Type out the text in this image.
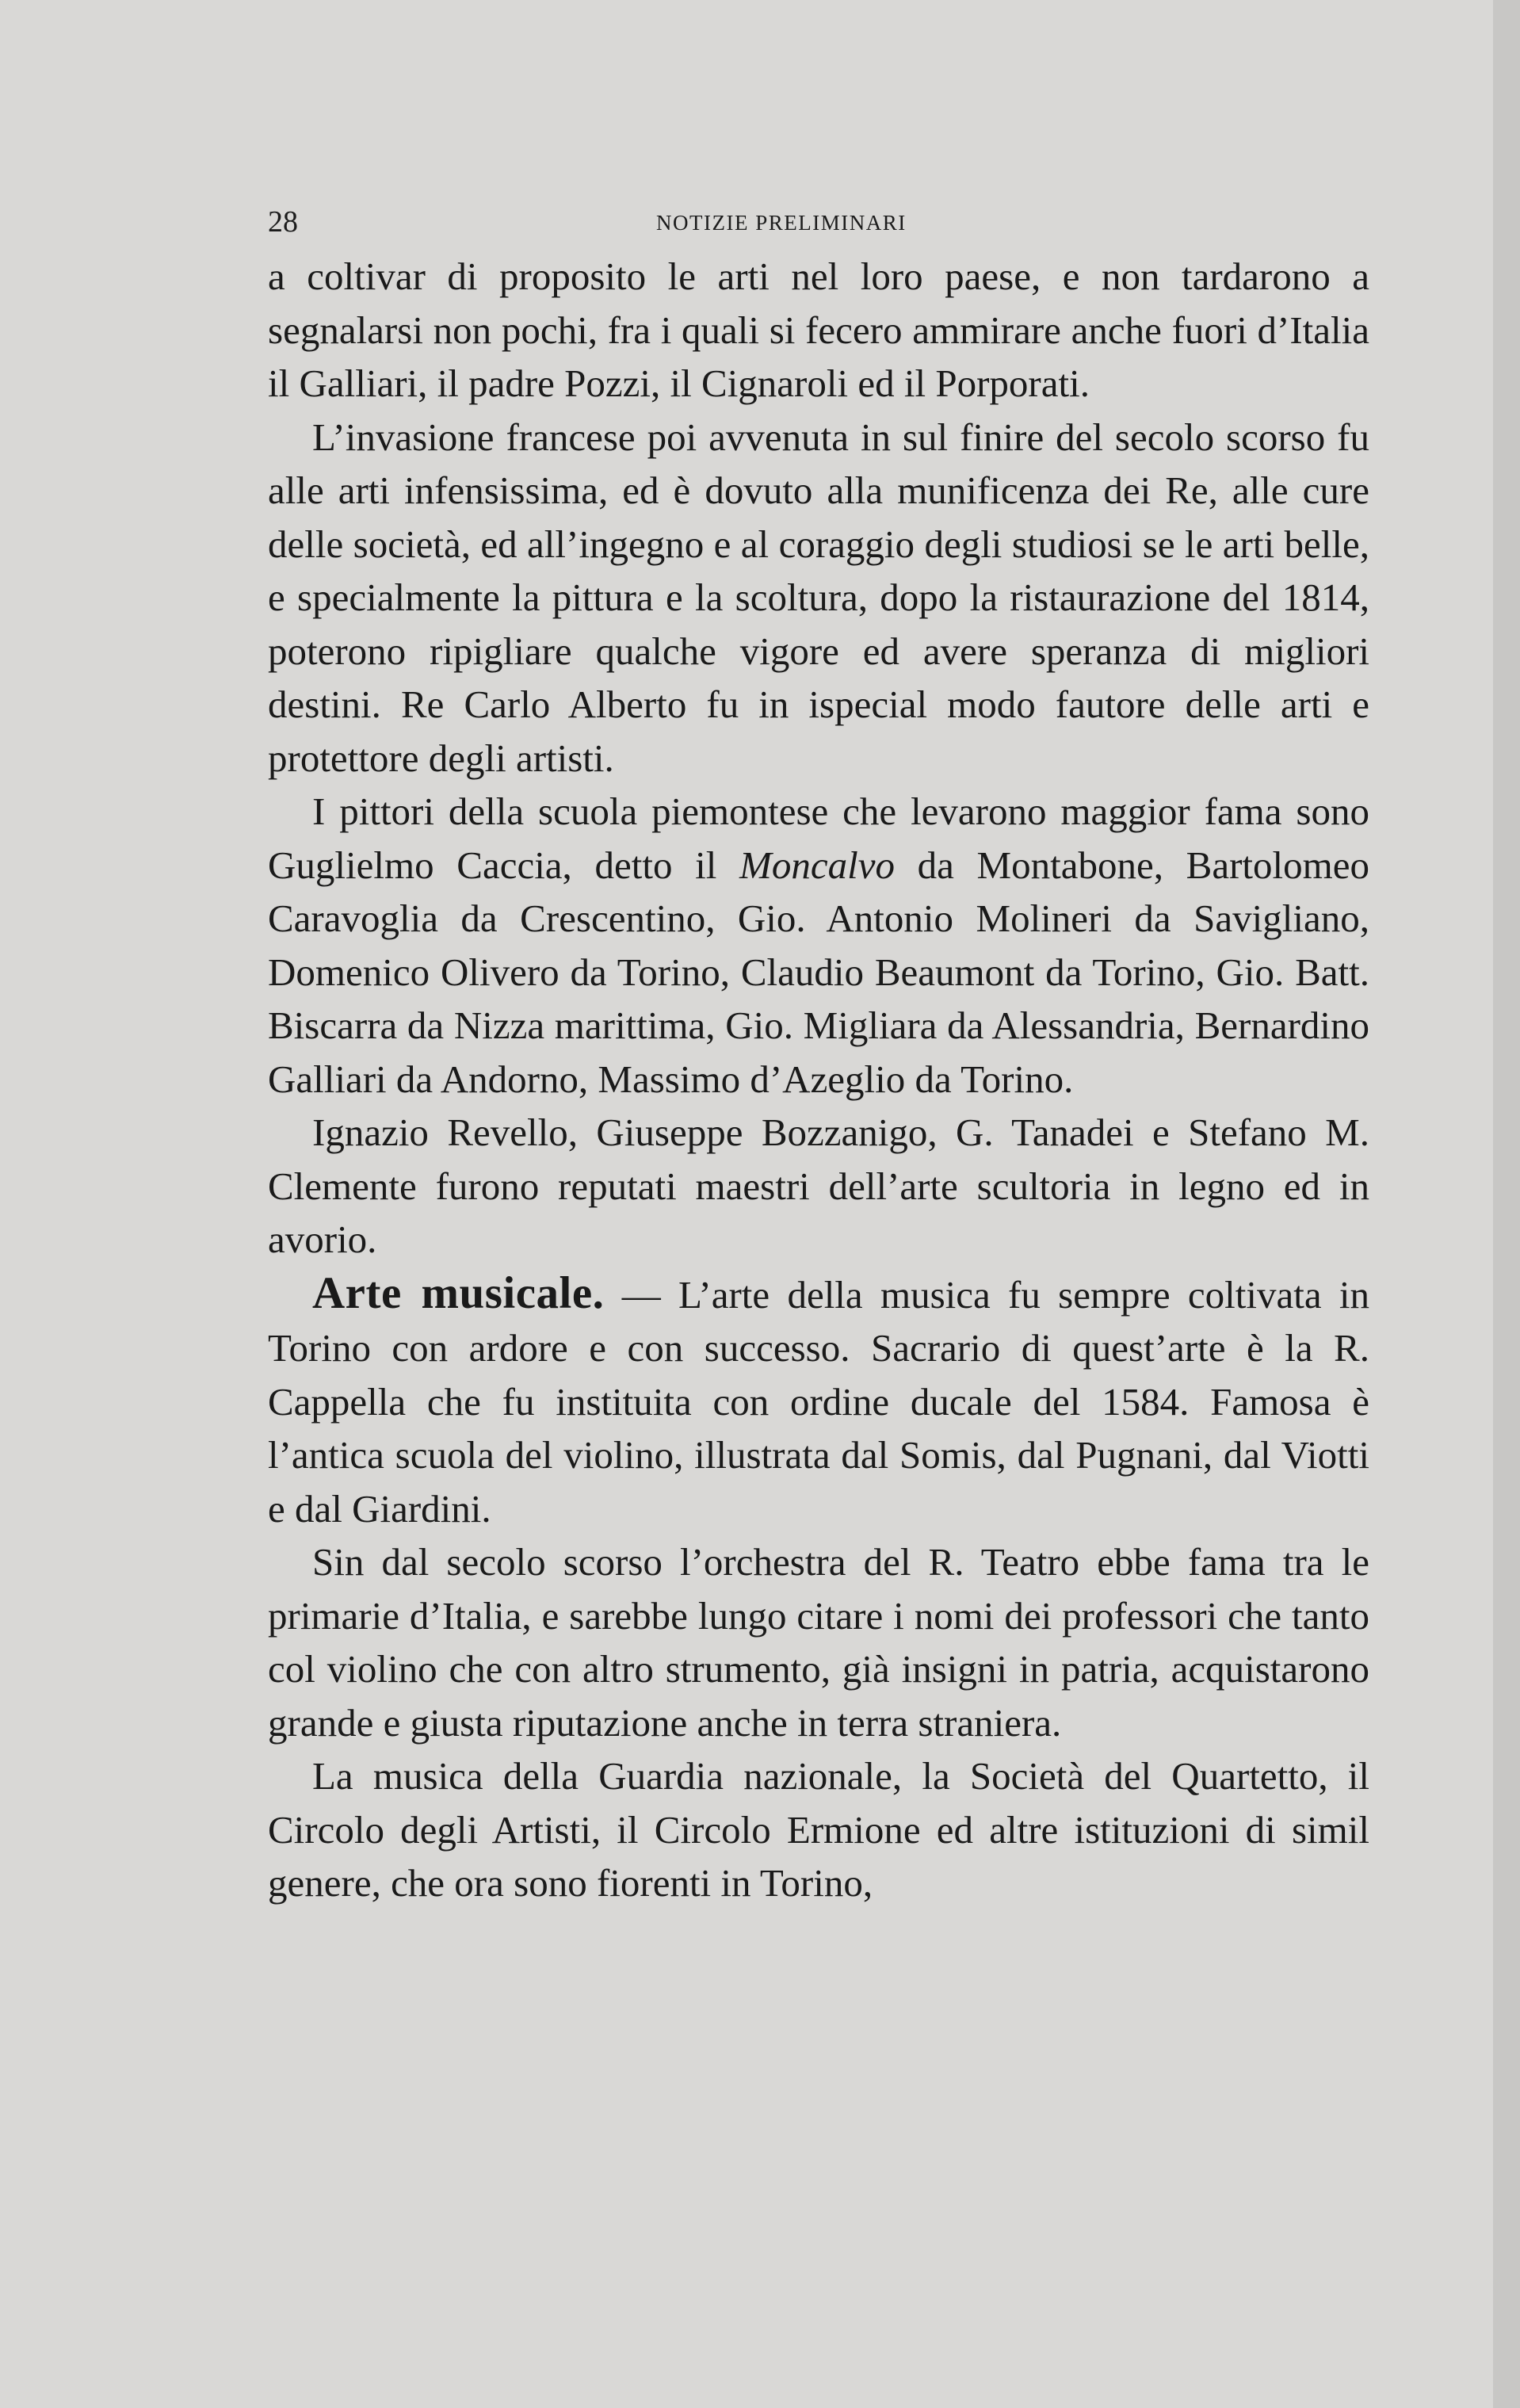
28	NOTIZIE PRELIMINARI

a coltivar di proposito le arti nel loro paese, e non tardarono a segnalarsi non pochi, fra i quali si fecero ammirare anche fuori d’Italia il Galliari, il padre Pozzi, il Cignaroli ed il Porporati.

L’invasione francese poi avvenuta in sul finire del secolo scorso fu alle arti infensissima, ed è dovuto alla munificenza dei Re, alle cure delle società, ed all’ingegno e al coraggio degli studiosi se le arti belle, e specialmente la pittura e la scoltura, dopo la ristaurazione del 1814, poterono ripigliare qualche vigore ed avere speranza di migliori destini. Re Carlo Alberto fu in ispecial modo fautore delle arti e protettore degli artisti.

I pittori della scuola piemontese che levarono maggior fama sono Guglielmo Caccia, detto il Moncalvo da Montabone, Bartolomeo Caravoglia da Crescentino, Gio. Antonio Molineri da Savigliano, Domenico Olivero da Torino, Claudio Beaumont da Torino, Gio. Batt. Biscarra da Nizza marittima, Gio. Migliara da Alessandria, Bernardino Galliari da Andorno, Massimo d’Azeglio da Torino.

Ignazio Revello, Giuseppe Bozzanigo, G. Tanadei e Stefano M. Clemente furono reputati maestri dell’arte scultoria in legno ed in avorio.

Arte musicale. — L’arte della musica fu sempre coltivata in Torino con ardore e con successo. Sacrario di quest’arte è la R. Cappella che fu instituita con ordine ducale del 1584. Famosa è l’antica scuola del violino, illustrata dal Somis, dal Pugnani, dal Viotti e dal Giardini.

Sin dal secolo scorso l’orchestra del R. Teatro ebbe fama tra le primarie d’Italia, e sarebbe lungo citare i nomi dei professori che tanto col violino che con altro strumento, già insigni in patria, acquistarono grande e giusta riputazione anche in terra straniera.

La musica della Guardia nazionale, la Società del Quartetto, il Circolo degli Artisti, il Circolo Ermione ed altre istituzioni di simil genere, che ora sono fiorenti in Torino,
